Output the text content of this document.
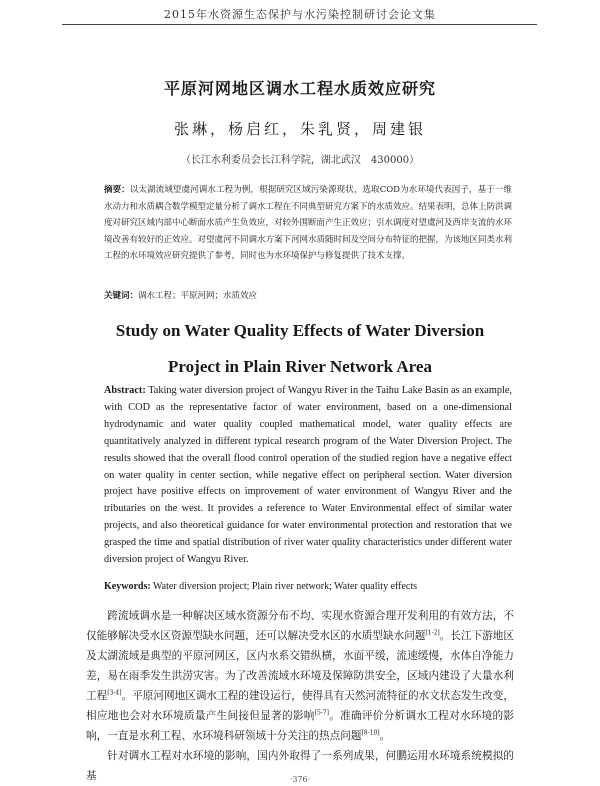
2015年水资源生态保护与水污染控制研讨会论文集
平原河网地区调水工程水质效应研究
张琳，杨启红，朱乳贤，周建银
（长江水利委员会长江科学院，湖北武汉　430000）
摘要：以太湖流域望虞河调水工程为例，根据研究区域污染源现状，选取COD为水环境代表因子，基于一维水动力和水质耦合数学模型定量分析了调水工程在不同典型研究方案下的水质效应。结果表明，总体上防洪调度对研究区域内部中心断面水质产生负效应，对较外围断面产生正效应；引水调度对望虞河及西岸支流的水环境改善有较好的正效应。对望虞河不同调水方案下河网水质随时间及空间分布特征的把握，为该地区同类水利工程的水环境效应研究提供了参考，同时也为水环境保护与修复提供了技术支撑。
关键词：调水工程；平原河网；水质效应
Study on Water Quality Effects of Water Diversion
Project in Plain River Network Area
Abstract: Taking water diversion project of Wangyu River in the Taihu Lake Basin as an example, with COD as the representative factor of water environment, based on a one-dimensional hydrodynamic and water quality coupled mathematical model, water quality effects are quantitatively analyzed in different typical research program of the Water Diversion Project. The results showed that the overall flood control operation of the studied region have a negative effect on water quality in center section, while negative effect on peripheral section. Water diversion project have positive effects on improvement of water environment of Wangyu River and the tributaries on the west. It provides a reference to Water Environmental effect of similar water projects, and also theoretical guidance for water environmental protection and restoration that we grasped the time and spatial distribution of river water quality characteristics under different water diversion project of Wangyu River.
Keywords: Water diversion project; Plain river network; Water quality effects

跨流域调水是一种解决区域水资源分布不均、实现水资源合理开发利用的有效方法，不仅能够解决受水区资源型缺水问题，还可以解决受水区的水质型缺水问题[1-2]。长江下游地区及太湖流域是典型的平原河网区，区内水系交错纵横，水面平缓，流速缓慢，水体自净能力差，易在雨季发生洪涝灾害。为了改善流域水环境及保障防洪安全，区域内建设了大量水利工程[3-4]。平原河网地区调水工程的建设运行，使得具有天然河流特征的水文状态发生改变，相应地也会对水环境质量产生间接但显著的影响[5-7]。准确评价分析调水工程对水环境的影响，一直是水利工程、水环境科研领域十分关注的热点问题[8-10]。

针对调水工程对水环境的影响，国内外取得了一系列成果，何鹏运用水环境系统模拟的基	·376·
